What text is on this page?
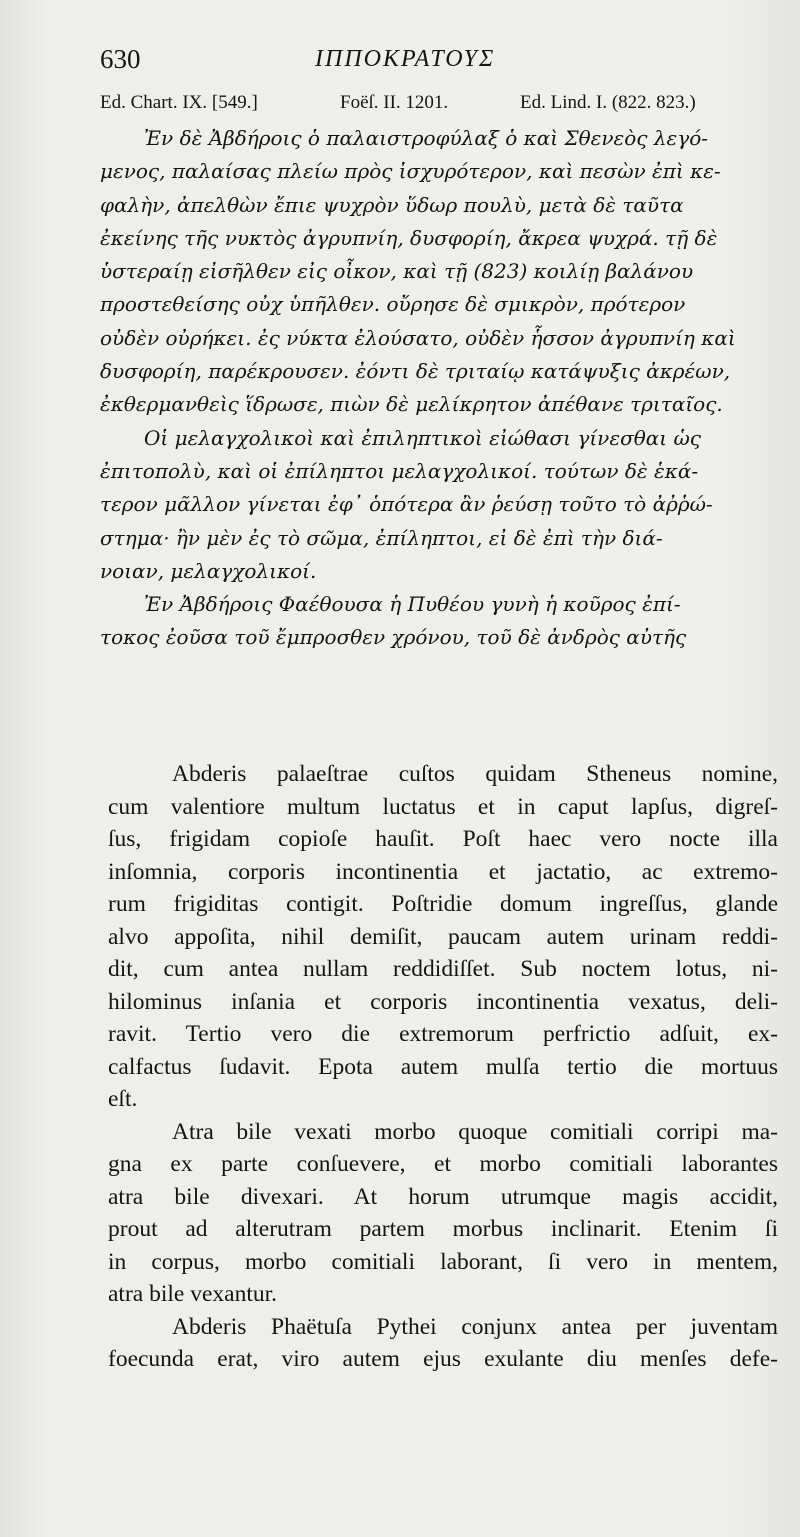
630	ΙΠΠΟΚΡΑΤΟΥΣ
Ed. Chart. IX. [549.]	Foëſ. II. 1201.	Ed. Lind. I. (822. 823.)
Ἐν δὲ Ἀβδήροις ὁ παλαιστροφύλαξ ὁ καὶ Σθενεὸς λεγό-
μενος, παλαίσας πλείω πρὸς ἰσχυρότερον, καὶ πεσὼν ἐπὶ κε-
φαλὴν, ἀπελθὼν ἔπιε ψυχρὸν ὕδωρ πουλὺ, μετὰ δὲ ταῦτα
ἐκείνης τῆς νυκτὸς ἀγρυπνίη, δυσφορίη, ἄκρεα ψυχρά. τῇ δὲ
ὑστεραίῃ εἰσῆλθεν εἰς οἶκον, καὶ τῇ (823) κοιλίῃ βαλάνου
προστεθείσης οὐχ ὑπῆλθεν. οὔρησε δὲ σμικρὸν, πρότερον
οὐδὲν οὐρήκει. ἐς νύκτα ἐλούσατο, οὐδὲν ἧσσον ἀγρυπνίη καὶ
δυσφορίη, παρέκρουσεν. ἐόντι δὲ τριταίῳ κατάψυξις ἀκρέων,
ἐκθερμανθεὶς ἵδρωσε, πιὼν δὲ μελίκρητον ἀπέθανε τριταῖος.
Οἱ μελαγχολικοὶ καὶ ἐπιληπτικοὶ εἰώθασι γίνεσθαι ὡς
ἐπιτοπολὺ, καὶ οἱ ἐπίληπτοι μελαγχολικοί. τούτων δὲ ἑκά-
τερον μᾶλλον γίνεται ἐφ᾽ ὁπότερα ἂν ῥεύσῃ τοῦτο τὸ ἀῤῥώ-
στημα· ἢν μὲν ἐς τὸ σῶμα, ἐπίληπτοι, εἰ δὲ ἐπὶ τὴν διά-
νοιαν, μελαγχολικοί.
Ἐν Ἀβδήροις Φαέθουσα ἡ Πυθέου γυνὴ ἡ κοῦρος ἐπί-
τοκος ἐοῦσα τοῦ ἔμπροσθεν χρόνου, τοῦ δὲ ἀνδρὸς αὐτῆς
Abderis palaeſtrae cuſtos quidam Stheneus nomine,
cum valentiore multum luctatus et in caput lapſus, digreſ-
ſus, frigidam copioſe hauſit. Poſt haec vero nocte illa
inſomnia, corporis incontinentia et jactatio, ac extremo-
rum frigiditas contigit. Poſtridie domum ingreſſus, glande
alvo appoſita, nihil demiſit, paucam autem urinam reddi-
dit, cum antea nullam reddidiſſet. Sub noctem lotus, ni-
hilominus inſania et corporis incontinentia vexatus, deli-
ravit. Tertio vero die extremorum perfrictio adſuit, ex-
calfactus ſudavit. Epota autem mulſa tertio die mortuus
eſt.
Atra bile vexati morbo quoque comitiali corripi ma-
gna ex parte conſuevere, et morbo comitiali laborantes
atra bile divexari. At horum utrumque magis accidit,
prout ad alterutram partem morbus inclinarit. Etenim ſi
in corpus, morbo comitiali laborant, ſi vero in mentem,
atra bile vexantur.
Abderis Phaëtuſa Pythei conjunx antea per juventam
foecunda erat, viro autem ejus exulante diu menſes defe-
